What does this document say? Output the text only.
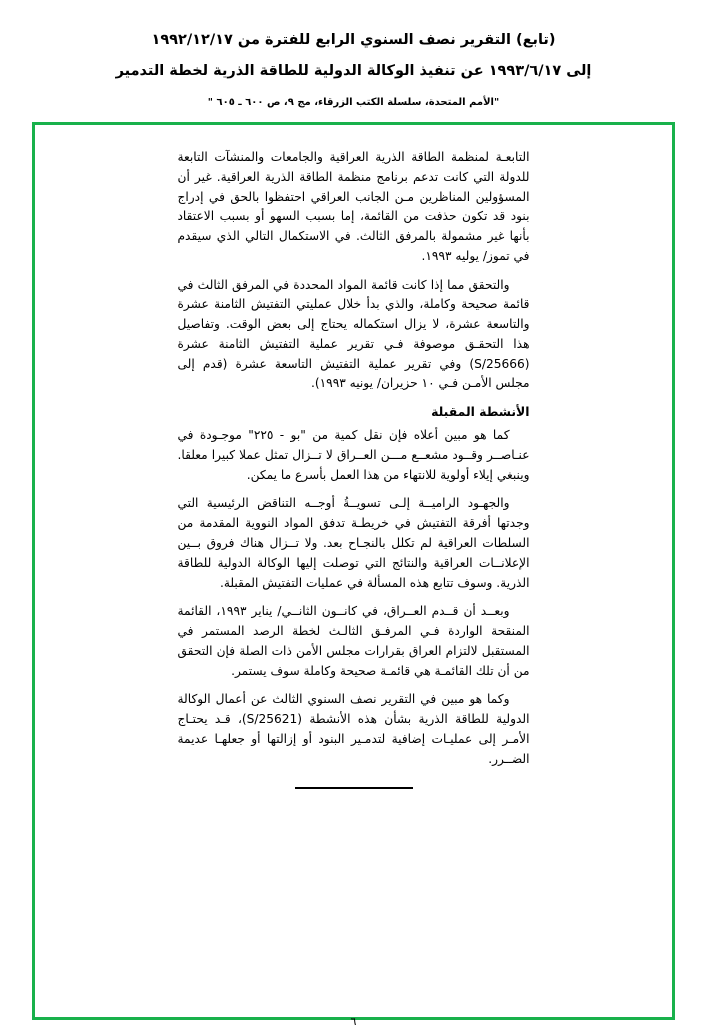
(تابع) التقرير نصف السنوي الرابع للفترة من ١٩٩٢/١٢/١٧
إلى ١٩٩٣/٦/١٧ عن تنفيذ الوكالة الدولية للطاقة الذرية لخطة التدمير

"الأمم المتحدة، سلسلة الكتب الزرقاء، مج ٩، ص ٦٠٠ ـ ٦٠٥ "

التابعـة لمنظمة الطاقة الذرية العراقية والجامعات والمنشآت التابعة للدولة التي كانت تدعم برنامج منظمة الطاقة الذرية العراقية. غير أن المسؤولين المناظرين مـن الجانب العراقي احتفظوا بالحق في إدراج بنود قد تكون حذفت من القائمة، إما بسبب السهو أو بسبب الاعتقاد بأنها غير مشمولة بالمرفق الثالث. في الاستكمال التالي الذي سيقدم في تموز/ يوليه ١٩٩٣.

والتحقق مما إذا كانت قائمة المواد المحددة في المرفق الثالث في قائمة صحيحة وكاملة، والذي بدأ خلال عمليتي التفتيش الثامنة عشرة والتاسعة عشرة، لا يزال استكماله يحتاج إلى بعض الوقت. وتفاصيل هذا التحقـق موصوفة فـي تقرير عملية التفتيش الثامنة عشرة (S/25666) وفي تقرير عملية التفتيش التاسعة عشرة (قدم إلى مجلس الأمـن فـي ١٠ حزيران/ يونيه ١٩٩٣).

الأنشطة المقبلة

كما هو مبين أعلاه فإن نقل كمية من "بو - ٢٢٥" موجـودة في عنـاصــر وقــود مشعــع مـــن العــراق لا تــزال تمثل عملا كبيرا معلقا. وينبغي إيلاء أولوية للانتهاء من هذا العمل بأسرع ما يمكن.

والجهـود الراميــة إلـى تسويــةُ أوجــه التناقض الرئيسية التي وجدتها أفرقة التفتيش في خريطـة تدفق المواد النووية المقدمة من السلطات العراقية لم تكلل بالنجـاح بعد. ولا تــزال هناك فروق بــين الإعلانــات العراقية والنتائج التي توصلت إليها الوكالة الدولية للطاقة الذرية. وسوف تتابع هذه المسألة في عمليات التفتيش المقبلة.

وبعــد أن قــدم العــراق، في كانــون الثانــي/ يناير ١٩٩٣، القائمة المنقحة الواردة فـي المرفـق الثالـث لخطة الرصد المستمر في المستقبل لالتزام العراق بقرارات مجلس الأمن ذات الصلة فإن التحقق من أن تلك القائمـة هي قائمـة صحيحة وكاملة سوف يستمر.

وكما هو مبين في التقرير نصف السنوي الثالث عن أعمال الوكالة الدولية للطاقة الذرية بشأن هذه الأنشطة (S/25621)، قـد يحتـاج الأمـر إلى عمليـات إضافية لتدمـير البنود أو إزالتها أو جعلهـا عديمة الضــرر.

٦
